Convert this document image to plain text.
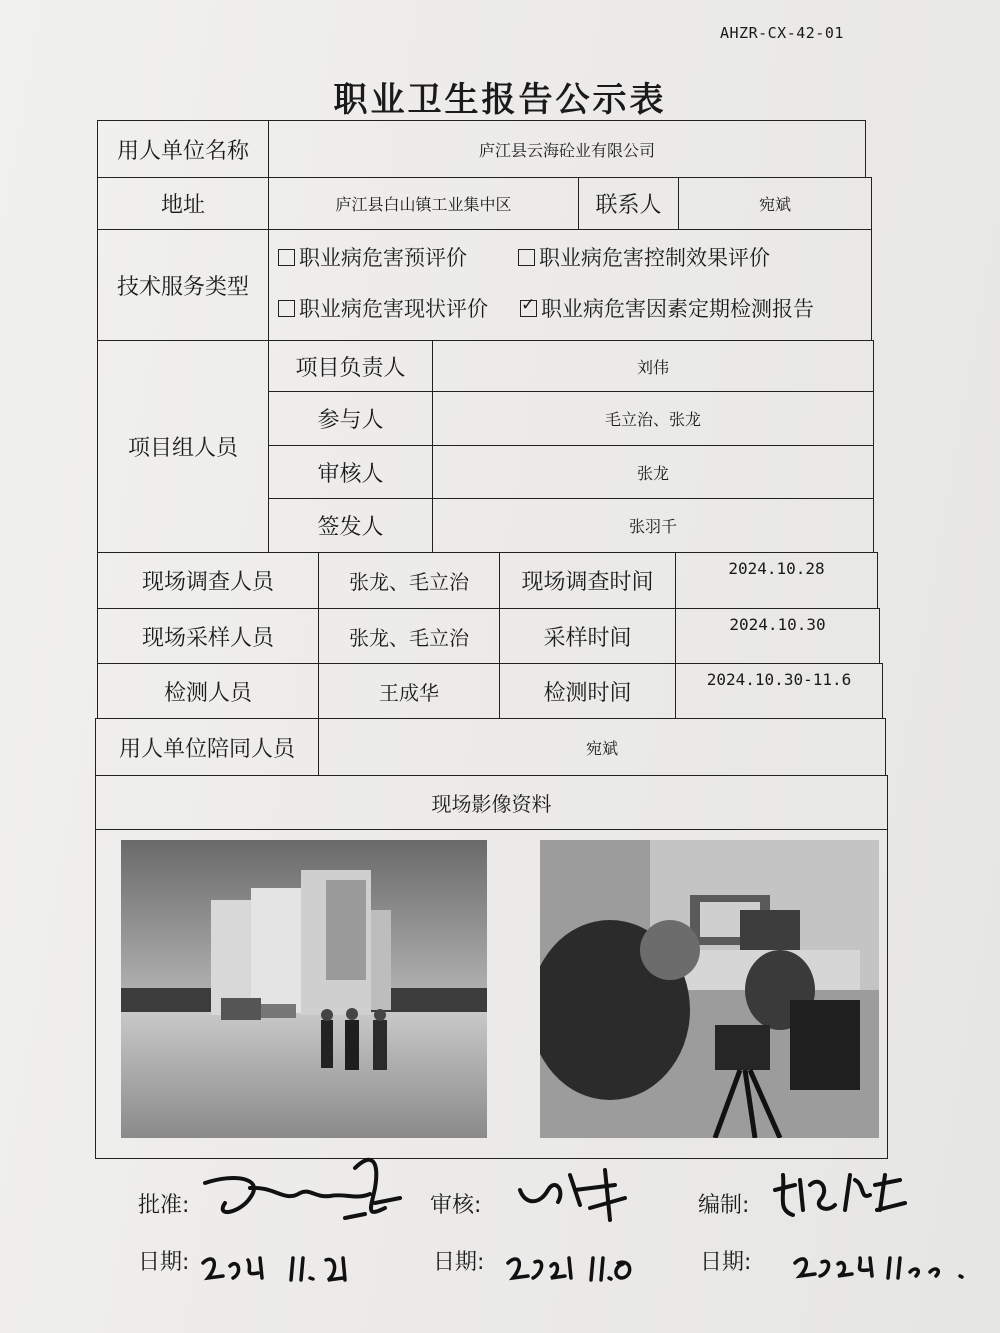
AHZR-CX-42-01
职业卫生报告公示表
用人单位名称	庐江县云海砼业有限公司
地址	庐江县白山镇工业集中区	联系人	宛斌
技术服务类型
职业病危害预评价	职业病危害控制效果评价
职业病危害现状评价
✓	职业病危害因素定期检测报告
项目组人员
项目负责人	刘伟
参与人	毛立治、张龙
审核人	张龙
签发人	张羽千
现场调查人员	张龙、毛立治	现场调查时间
2024.10.28
现场采样人员	张龙、毛立治	采样时间
2024.10.30
检测人员	王成华	检测时间
2024.10.30-11.6
用人单位陪同人员	宛斌
现场影像资料
批准:	审核:	编制:
日期:	日期:	日期:
